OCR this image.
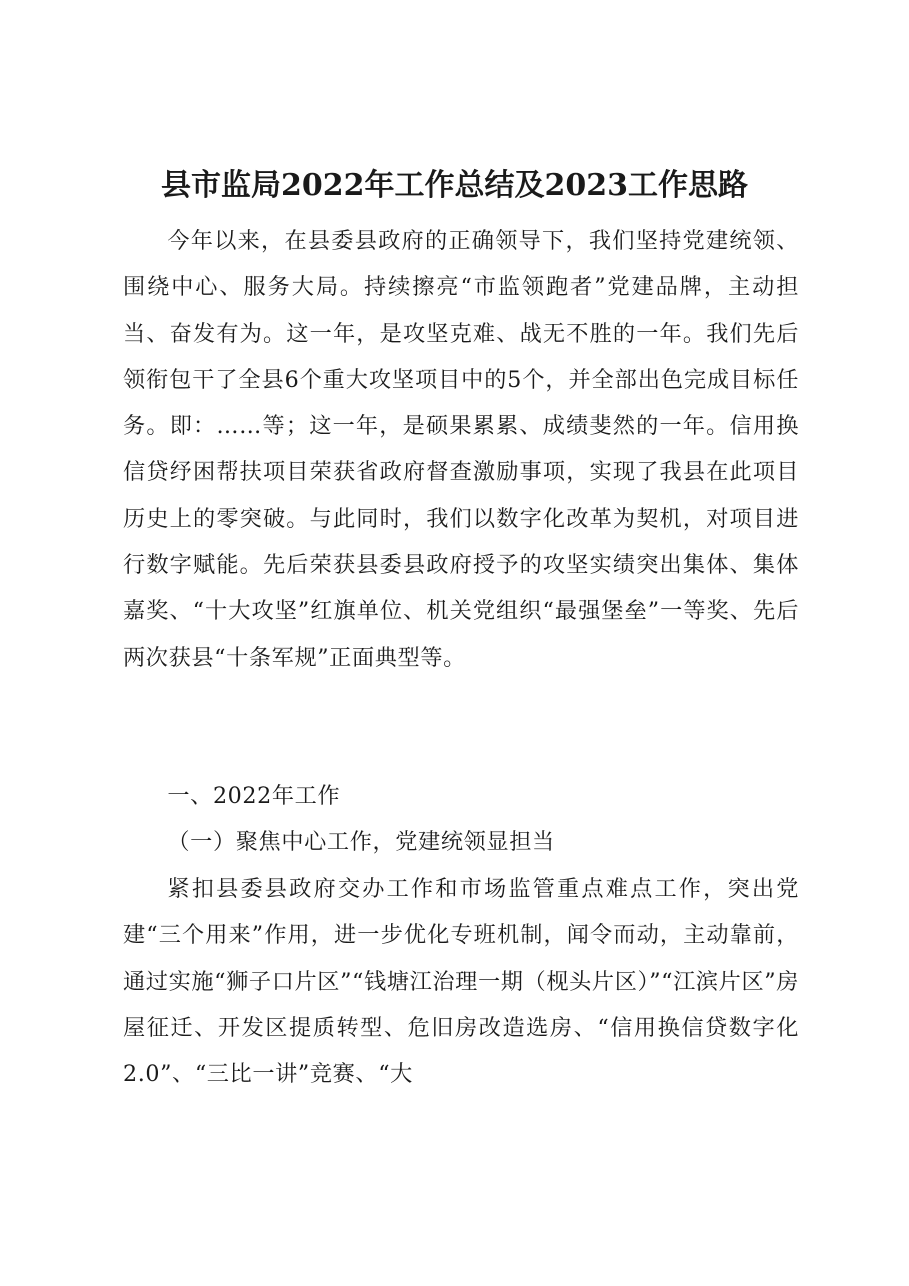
县市监局2022年工作总结及2023工作思路

今年以来，在县委县政府的正确领导下，我们坚持党建统领、围绕中心、服务大局。持续擦亮“市监领跑者”党建品牌，主动担当、奋发有为。这一年，是攻坚克难、战无不胜的一年。我们先后领衔包干了全县6个重大攻坚项目中的5个，并全部出色完成目标任务。即：……等；这一年，是硕果累累、成绩斐然的一年。信用换信贷纾困帮扶项目荣获省政府督查激励事项，实现了我县在此项目历史上的零突破。与此同时，我们以数字化改革为契机，对项目进行数字赋能。先后荣获县委县政府授予的攻坚实绩突出集体、集体嘉奖、“十大攻坚”红旗单位、机关党组织“最强堡垒”一等奖、先后两次获县“十条军规”正面典型等。

一、2022年工作

（一）聚焦中心工作，党建统领显担当

紧扣县委县政府交办工作和市场监管重点难点工作，突出党建“三个用来”作用，进一步优化专班机制，闻令而动，主动靠前，通过实施“狮子口片区”“钱塘江治理一期（枧头片区）”“江滨片区”房屋征迁、开发区提质转型、危旧房改造选房、“信用换信贷数字化2.0”、“三比一讲”竞赛、“大
